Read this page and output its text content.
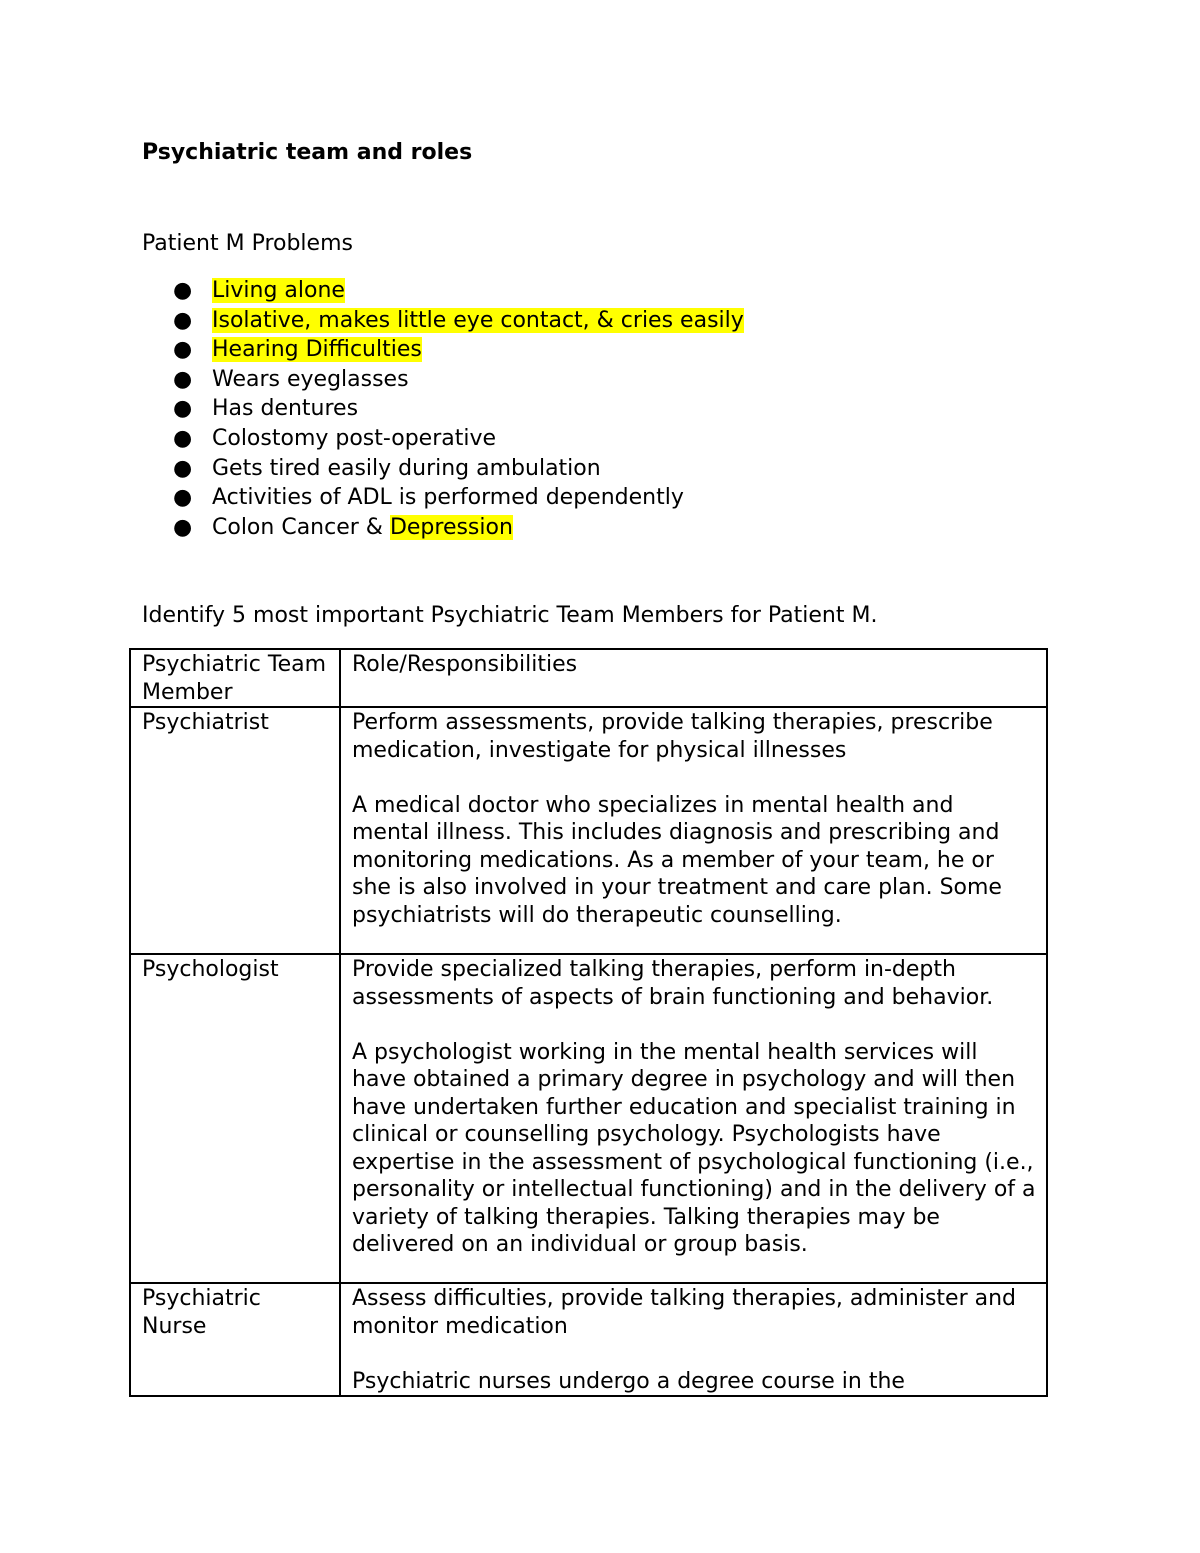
Psychiatric team and roles

Patient M Problems

● Living alone
● Isolative, makes little eye contact, & cries easily
● Hearing Difficulties
● Wears eyeglasses
● Has dentures
● Colostomy post-operative
● Gets tired easily during ambulation
● Activities of ADL is performed dependently
● Colon Cancer & Depression

Identify 5 most important Psychiatric Team Members for Patient M.

Psychiatric Team Member	Role/Responsibilities
Psychiatrist	Perform assessments, provide talking therapies, prescribe medication, investigate for physical illnesses
A medical doctor who specializes in mental health and mental illness. This includes diagnosis and prescribing and monitoring medications. As a member of your team, he or she is also involved in your treatment and care plan. Some psychiatrists will do therapeutic counselling.
Psychologist	Provide specialized talking therapies, perform in-depth assessments of aspects of brain functioning and behavior.
A psychologist working in the mental health services will have obtained a primary degree in psychology and will then have undertaken further education and specialist training in clinical or counselling psychology. Psychologists have expertise in the assessment of psychological functioning (i.e., personality or intellectual functioning) and in the delivery of a variety of talking therapies. Talking therapies may be delivered on an individual or group basis.
Psychiatric Nurse	Assess difficulties, provide talking therapies, administer and monitor medication
Psychiatric nurses undergo a degree course in the
